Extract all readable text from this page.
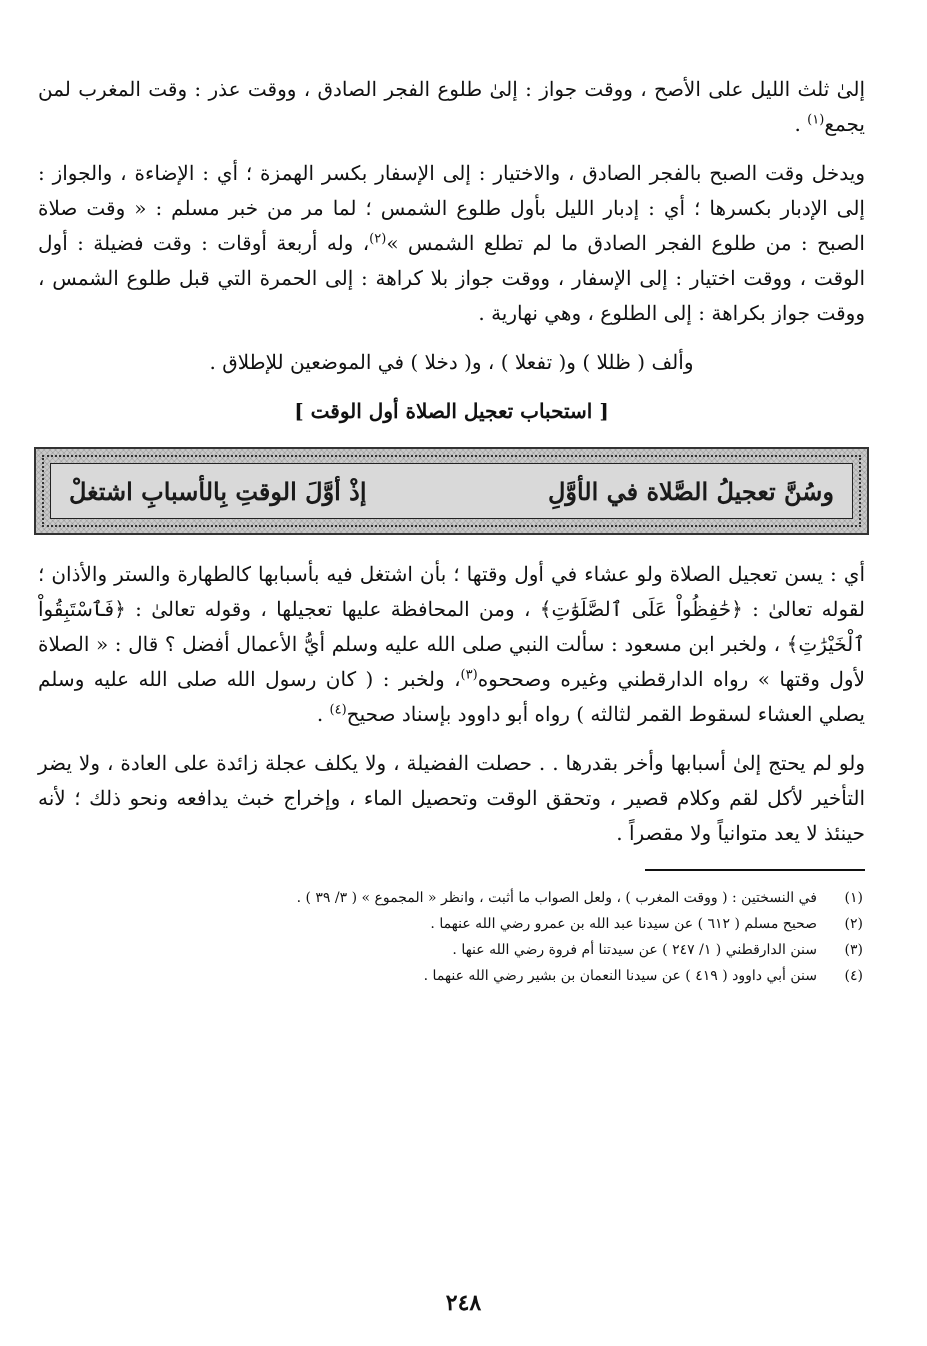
إلىٰ ثلث الليل على الأصح ، ووقت جواز : إلىٰ طلوع الفجر الصادق ، ووقت عذر : وقت المغرب لمن يجمع$^{(١)}$ .

ويدخل وقت الصبح بالفجر الصادق ، والاختيار : إلى الإسفار بكسر الهمزة ؛ أي : الإضاءة ، والجواز : إلى الإدبار بكسرها ؛ أي : إدبار الليل بأول طلوع الشمس ؛ لما مر من خبر مسلم : « وقت صلاة الصبح : من طلوع الفجر الصادق ما لم تطلع الشمس »$^{(٢)}$، وله أربعة أوقات : وقت فضيلة : أول الوقت ، ووقت اختيار : إلى الإسفار ، ووقت جواز بلا كراهة : إلى الحمرة التي قبل طلوع الشمس ، ووقت جواز بكراهة : إلى الطلوع ، وهي نهارية .

وألف ( ظللا ) و( تفعلا ) ، و( دخلا ) في الموضعين للإطلاق .

[ استحباب تعجيل الصلاة أول الوقت ]
وسُنَّ تعجيلُ الصَّلاة في الأوَّلِ
إذْ أوَّلَ الوقتِ بِالأسبابِ اشتغلْ

أي : يسن تعجيل الصلاة ولو عشاء في أول وقتها ؛ بأن اشتغل فيه بأسبابها كالطهارة والستر والأذان ؛ لقوله تعالىٰ : ﴿حَٰفِظُواْ عَلَى ٱلصَّلَوَٰتِ﴾ ، ومن المحافظة عليها تعجيلها ، وقوله تعالىٰ : ﴿فَٱسْتَبِقُواْ ٱلْخَيْرَٰتِ﴾ ، ولخبر ابن مسعود : سألت النبي صلى الله عليه وسلم أيُّ الأعمال أفضل ؟ قال : « الصلاة لأول وقتها » رواه الدارقطني وغيره وصححوه$^{(٣)}$، ولخبر : ( كان رسول الله صلى الله عليه وسلم يصلي العشاء لسقوط القمر لثالثه ) رواه أبو داوود بإسناد صحيح$^{(٤)}$ .

ولو لم يحتج إلىٰ أسبابها وأخر بقدرها . . حصلت الفضيلة ، ولا يكلف عجلة زائدة على العادة ، ولا يضر التأخير لأكل لقم وكلام قصير ، وتحقق الوقت وتحصيل الماء ، وإخراج خبث يدافعه ونحو ذلك ؛ لأنه حينئذ لا يعد متوانياً ولا مقصراً .

(١)
في النسختين : ( ووقت المغرب ) ، ولعل الصواب ما أثبت ، وانظر « المجموع » ( ٣/ ٣٩ ) .
(٢)
صحيح مسلم ( ٦١٢ ) عن سيدنا عبد الله بن عمرو رضي الله عنهما .
(٣)
سنن الدارقطني ( ١/ ٢٤٧ ) عن سيدتنا أم فروة رضي الله عنها .
(٤)
سنن أبي داوود ( ٤١٩ ) عن سيدنا النعمان بن بشير رضي الله عنهما .
٢٤٨
